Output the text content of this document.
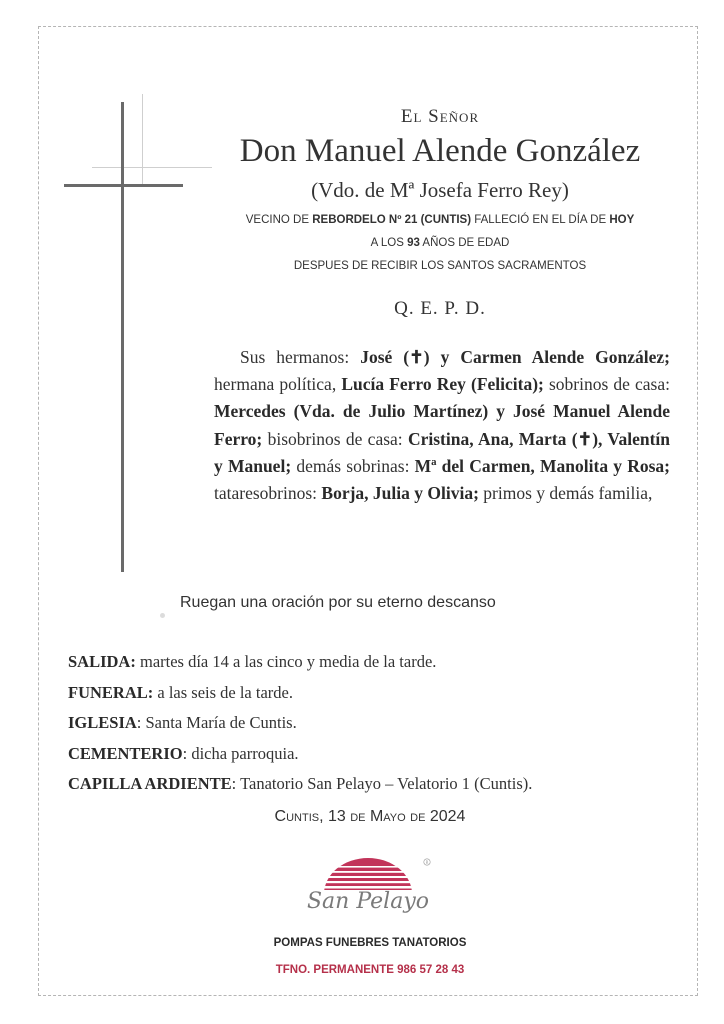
El Señor
Don Manuel Alende González
(Vdo. de Mª Josefa Ferro Rey)
VECINO DE REBORDELO Nº 21 (CUNTIS) FALLECIÓ EN EL DÍA DE HOY
A LOS 93 AÑOS DE EDAD
DESPUES DE RECIBIR LOS SANTOS SACRAMENTOS
Q. E. P. D.
Sus hermanos: José (✝) y Carmen Alende González; hermana política, Lucía Ferro Rey (Felicita); sobrinos de casa: Mercedes (Vda. de Julio Martínez) y José Manuel Alende Ferro; bisobrinos de casa: Cristina, Ana, Marta (✝), Valentín y Manuel; demás sobrinas: Mª del Carmen, Manolita y Rosa; tataresobrinos: Borja, Julia y Olivia; primos y demás familia,
Ruegan una oración por su eterno descanso
SALIDA: martes día 14 a las cinco y media de la tarde.
FUNERAL: a las seis de la tarde.
IGLESIA: Santa María de Cuntis.
CEMENTERIO: dicha parroquia.
CAPILLA ARDIENTE: Tanatorio San Pelayo – Velatorio 1 (Cuntis).
Cuntis, 13 de Mayo de 2024
San Pelayo
R
POMPAS FUNEBRES TANATORIOS
TFNO. PERMANENTE 986 57 28 43
